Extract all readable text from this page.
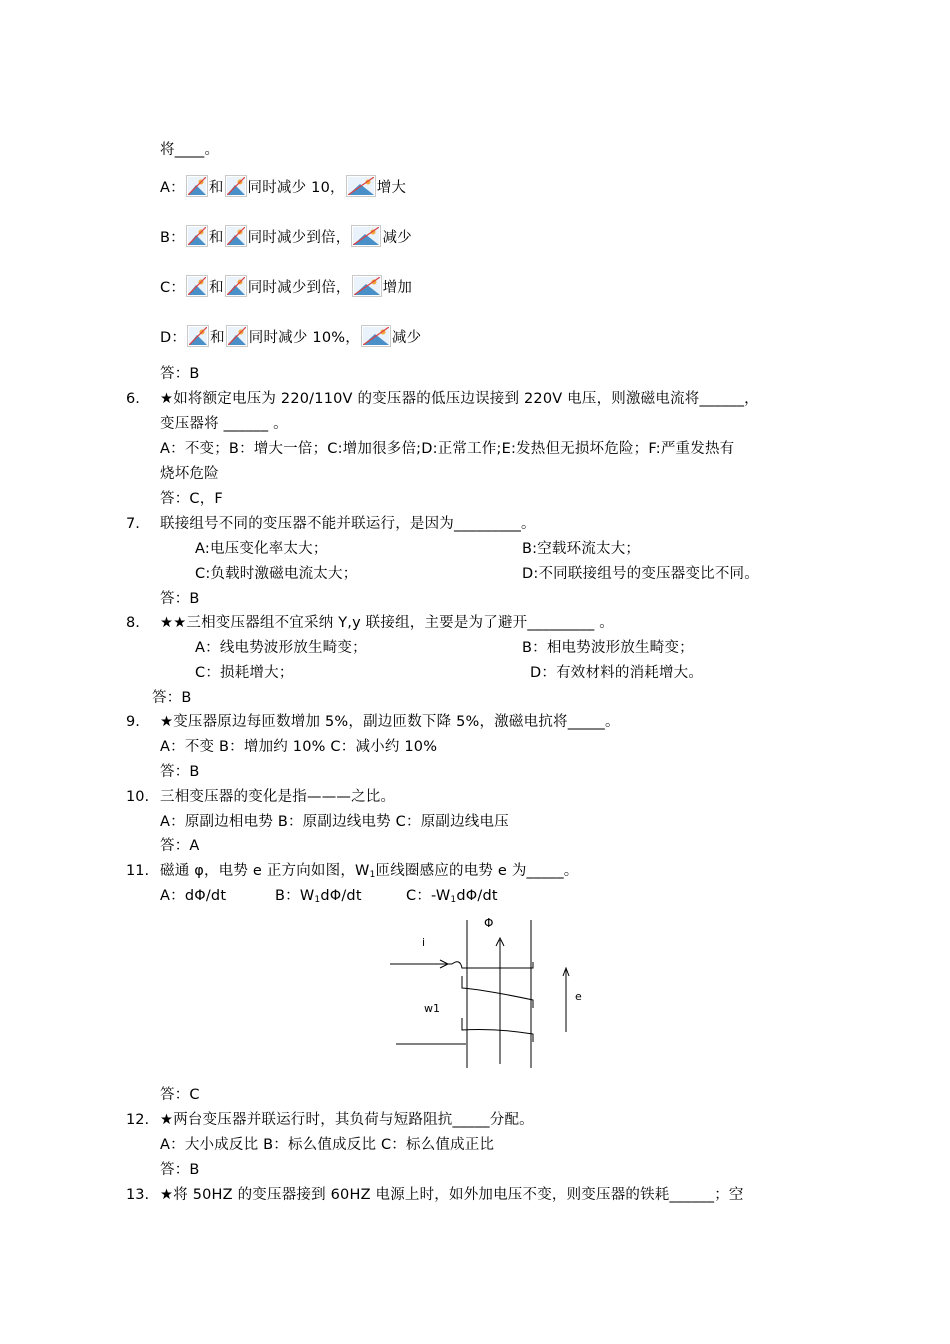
将____。
A： 和 同时减少 10， 增大
B： 和 同时减少到倍， 减少
C： 和 同时减少到倍， 增加
D： 和 同时减少 10%， 减少
答：B
6. ★如将额定电压为 220/110V 的变压器的低压边误接到 220V 电压，则激磁电流将______，
变压器将 ______ 。
A：不变；B：增大一倍；C:增加很多倍;D:正常工作;E:发热但无损坏危险；F:严重发热有
烧坏危险
答：C，F
7. 联接组号不同的变压器不能并联运行，是因为_________。
A:电压变化率太大；	B:空载环流太大；
C:负载时激磁电流太大；	D:不同联接组号的变压器变比不同。
答：B
8. ★★三相变压器组不宜采纳 Y,y 联接组，主要是为了避开_________ 。
A：线电势波形放生畸变；	B：相电势波形放生畸变；
C：损耗增大；	D：有效材料的消耗增大。
答：B
9. ★变压器原边每匝数增加 5%，副边匝数下降 5%，激磁电抗将_____。
A：不变 B：增加约 10% C：减小约 10%
答：B
10. 三相变压器的变化是指———之比。
A：原副边相电势 B：原副边线电势 C：原副边线电压
答：A
11. 磁通 φ，电势 e 正方向如图，$W_1$匝线圈感应的电势 e 为_____。
A：dΦ/dt	B：$W_1d\Phi/dt$	C：$-W_1d\Phi/dt$
Φ
i
w1
e
答：C
12. ★两台变压器并联运行时，其负荷与短路阻抗_____分配。
A：大小成反比 B：标么值成反比 C：标么值成正比
答：B
13. ★将 50HZ 的变压器接到 60HZ 电源上时，如外加电压不变，则变压器的铁耗______；空
